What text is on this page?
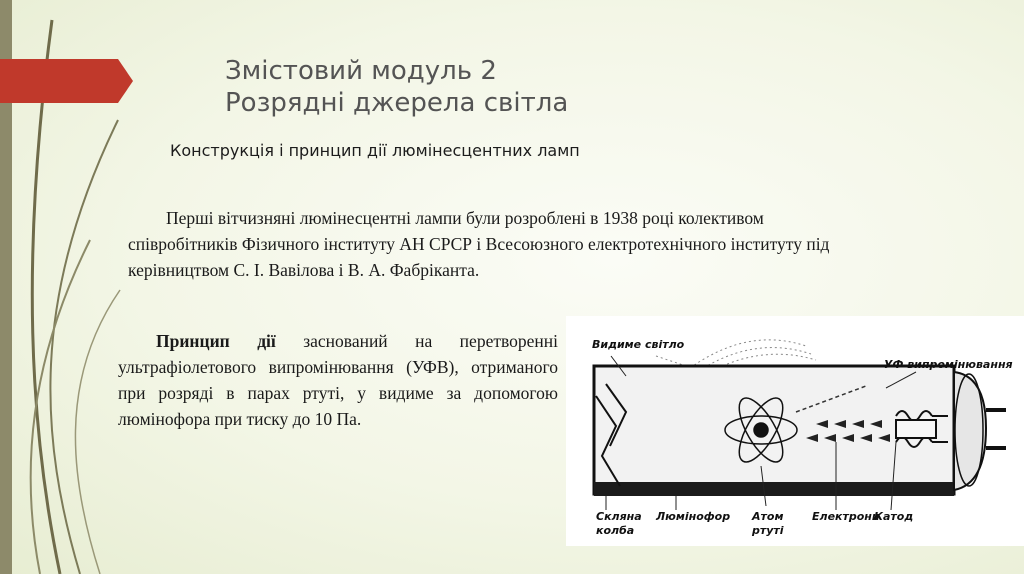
Змістовий модуль 2
Розрядні джерела світла
Конструкція і принцип дії люмінесцентних ламп
Перші вітчизняні люмінесцентні лампи були розроблені в 1938 році колективом співробітників Фізичного інституту АН СРСР і Всесоюзного електротехнічного інституту під керівництвом С. І. Вавілова і В. А. Фабріканта.
Принцип дії заснований на перетворенні ультрафіолетового випромінювання (УФВ), отриманого при розряді в парах ртуті, у видиме за допомогою люмінофора при тиску до 10 Па.
Видиме світло
УФ випромінювання
Скляна
колба
Люмінофор Атом
ртуті
Електрони
Катод
